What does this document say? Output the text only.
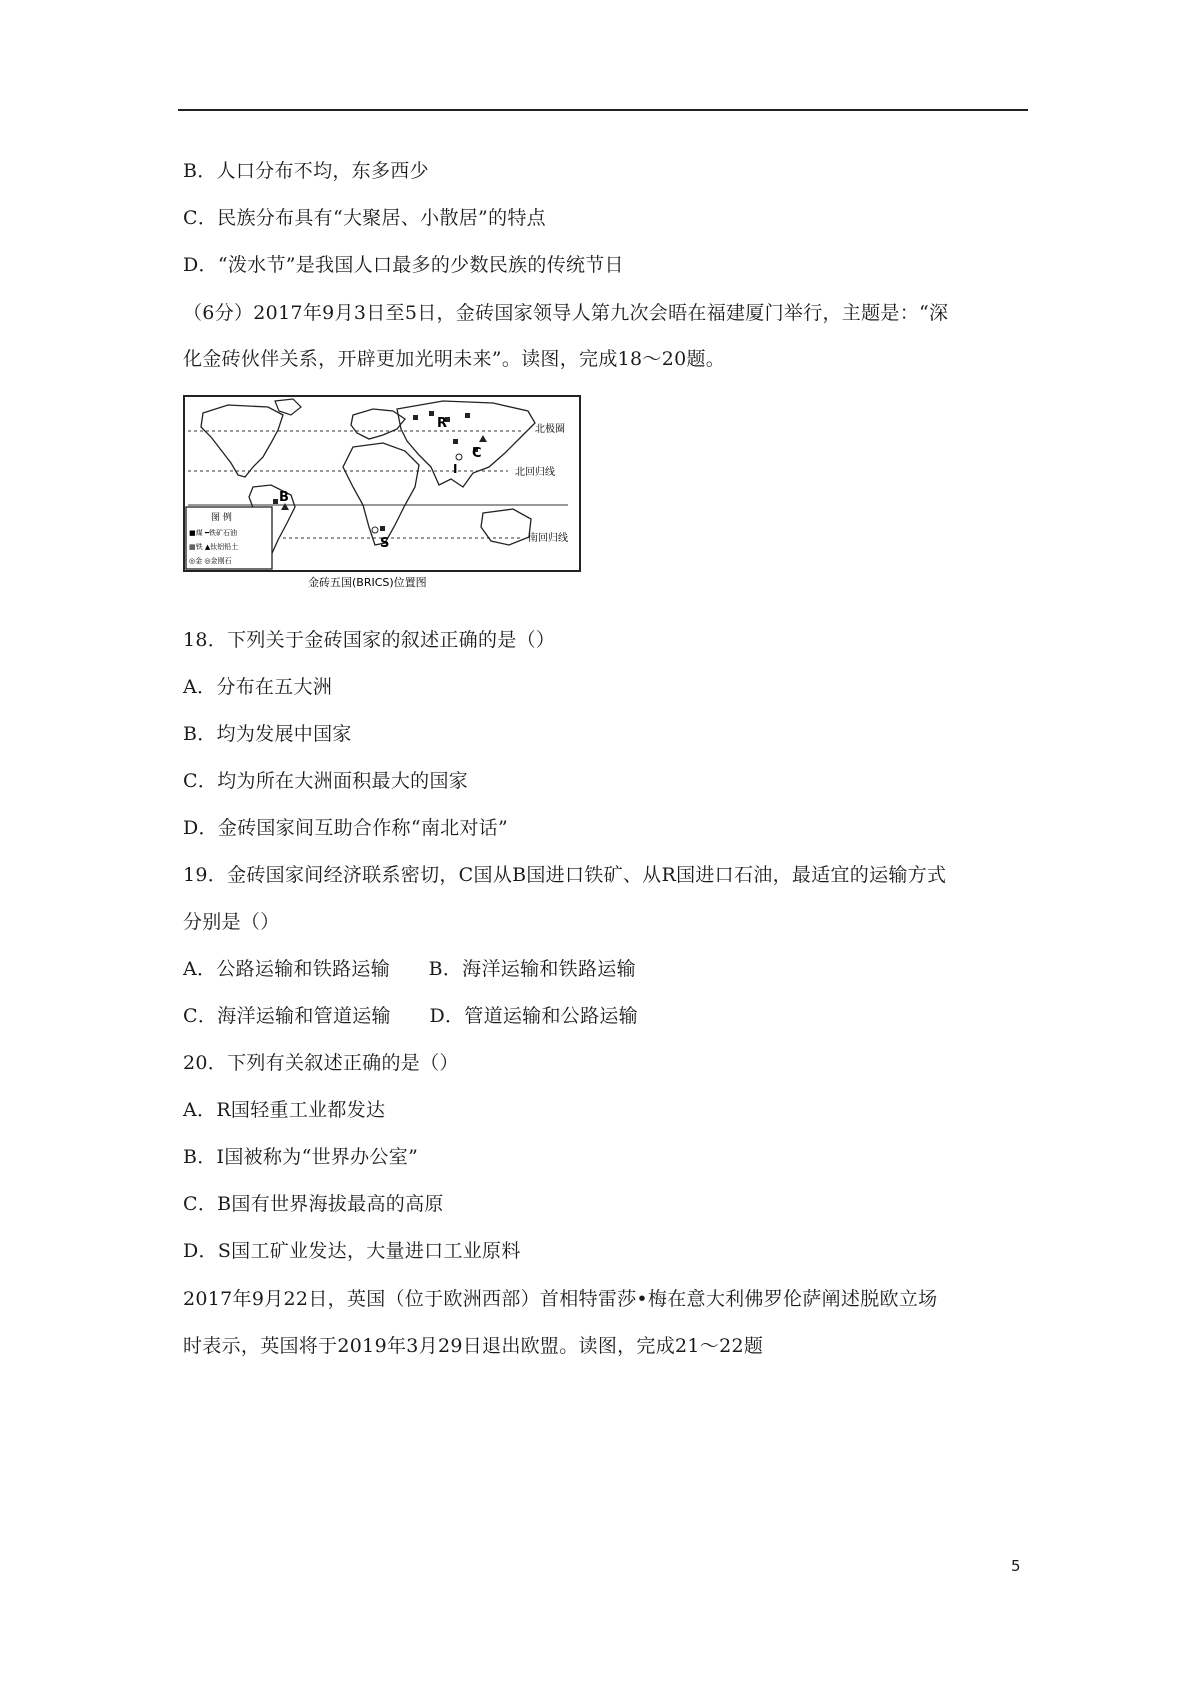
B．人口分布不均，东多西少
C．民族分布具有“大聚居、小散居”的特点
D．“泼水节”是我国人口最多的少数民族的传统节日
（6分）2017年9月3日至5日，金砖国家领导人第九次会晤在福建厦门举行，主题是：“深
化金砖伙伴关系，开辟更加光明未来”。读图，完成18～20题。
R
C
I
B
S
北极圈
北回归线
南回归线
图 例
■煤 ━铁矿石油
▦铁 ▲钛铝铅土
◎金 ◎金刚石
金砖五国(BRICS)位置图
18．下列关于金砖国家的叙述正确的是（）
A．分布在五大洲
B．均为发展中国家
C．均为所在大洲面积最大的国家
D．金砖国家间互助合作称“南北对话”
19．金砖国家间经济联系密切，C国从B国进口铁矿、从R国进口石油，最适宜的运输方式
分别是（）
A．公路运输和铁路运输　　B．海洋运输和铁路运输
C．海洋运输和管道运输　　D．管道运输和公路运输
20．下列有关叙述正确的是（）
A．R国轻重工业都发达
B．I国被称为“世界办公室”
C．B国有世界海拔最高的高原
D．S国工矿业发达，大量进口工业原料
2017年9月22日，英国（位于欧洲西部）首相特雷莎•梅在意大利佛罗伦萨阐述脱欧立场
时表示，英国将于2019年3月29日退出欧盟。读图，完成21～22题
5
